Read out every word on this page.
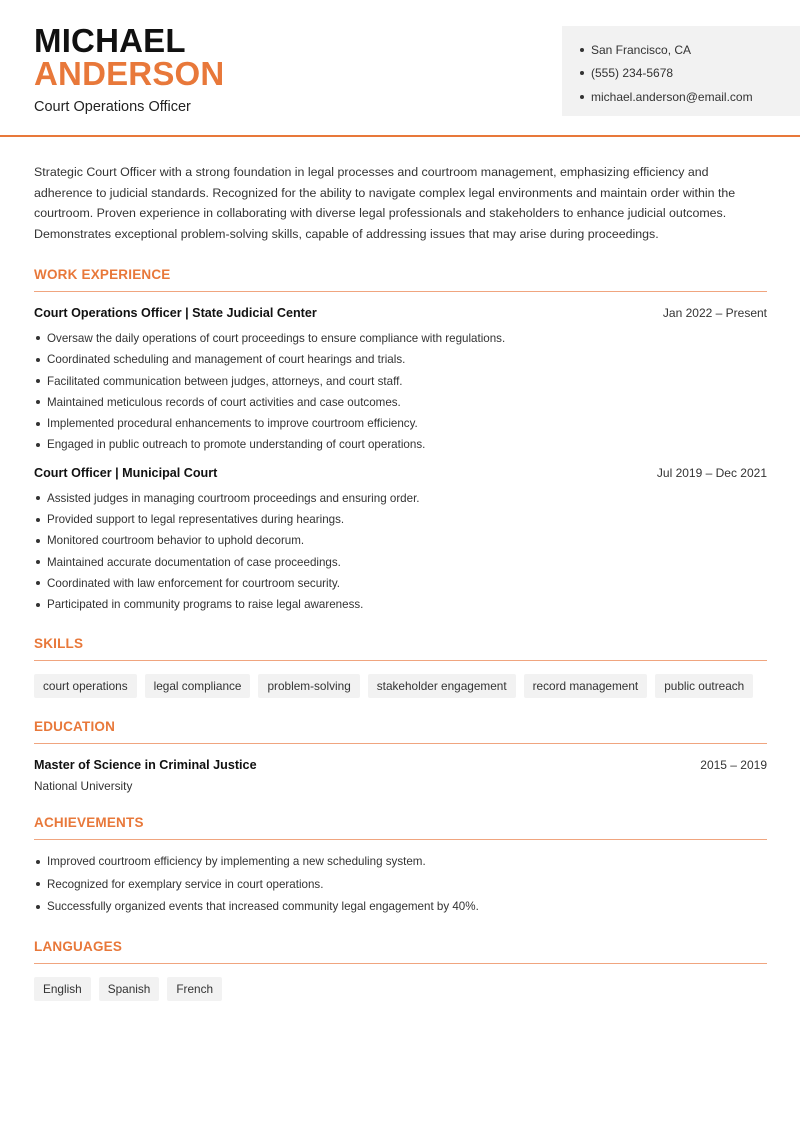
MICHAEL
ANDERSON
Court Operations Officer
San Francisco, CA
(555) 234-5678
michael.anderson@email.com

Strategic Court Officer with a strong foundation in legal processes and courtroom management, emphasizing efficiency and adherence to judicial standards. Recognized for the ability to navigate complex legal environments and maintain order within the courtroom. Proven experience in collaborating with diverse legal professionals and stakeholders to enhance judicial outcomes. Demonstrates exceptional problem-solving skills, capable of addressing issues that may arise during proceedings.

WORK EXPERIENCE
Court Operations Officer | State Judicial Center	Jan 2022 – Present
Oversaw the daily operations of court proceedings to ensure compliance with regulations.
Coordinated scheduling and management of court hearings and trials.
Facilitated communication between judges, attorneys, and court staff.
Maintained meticulous records of court activities and case outcomes.
Implemented procedural enhancements to improve courtroom efficiency.
Engaged in public outreach to promote understanding of court operations.
Court Officer | Municipal Court	Jul 2019 – Dec 2021
Assisted judges in managing courtroom proceedings and ensuring order.
Provided support to legal representatives during hearings.
Monitored courtroom behavior to uphold decorum.
Maintained accurate documentation of case proceedings.
Coordinated with law enforcement for courtroom security.
Participated in community programs to raise legal awareness.
SKILLS
court operations	legal compliance	problem-solving	stakeholder engagement	record management	public outreach
EDUCATION
Master of Science in Criminal Justice	2015 – 2019
National University
ACHIEVEMENTS
Improved courtroom efficiency by implementing a new scheduling system.
Recognized for exemplary service in court operations.
Successfully organized events that increased community legal engagement by 40%.
LANGUAGES
English	Spanish	French
